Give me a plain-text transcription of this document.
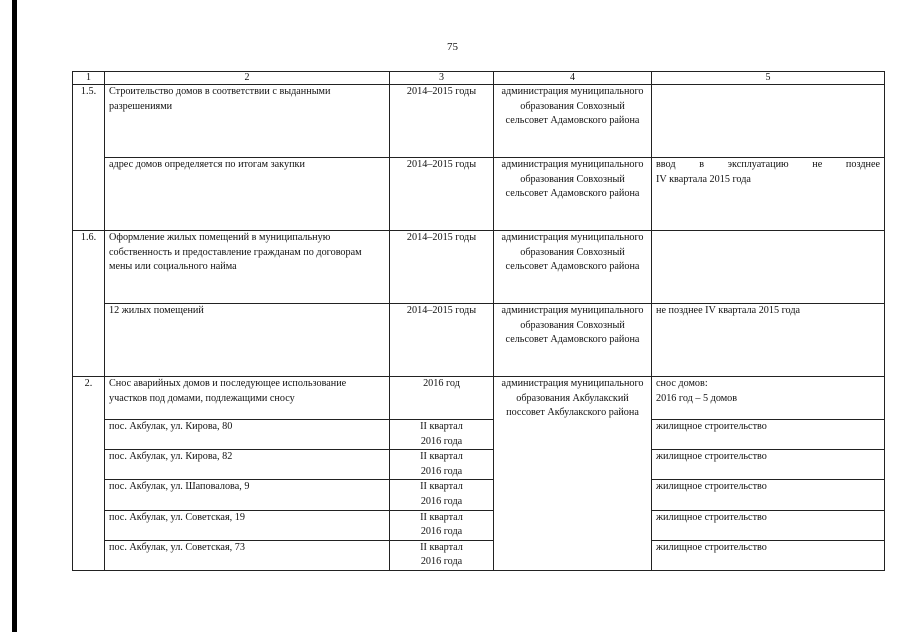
75
1	2	3	4	5
1.5.	Строительство домов в соответствии с выданными разрешениями	2014–2015 годы	администрация муниципального образования Совхозный сельсовет Адамовского района	
	адрес домов определяется по итогам закупки	2014–2015 годы	администрация муниципального образования Совхозный сельсовет Адамовского района	ввод в эксплуатацию не позднее
IV квартала 2015 года

1.6.	Оформление жилых помещений в муниципальную собственность и предоставление гражданам по договорам мены или социального найма	2014–2015 годы	администрация муниципального образования Совхозный сельсовет Адамовского района	
	12 жилых помещений	2014–2015 годы	администрация муниципального образования Совхозный сельсовет Адамовского района	не позднее IV квартала 2015 года
2.	Снос аварийных домов и последующее использование участков под домами, подлежащими сносу	2016 год	администрация муниципального образования Акбулакский поссовет Акбулакского района	снос домов:
2016 год – 5 домов

	пос. Акбулак, ул. Кирова, 80	II квартал
2016 года		жилищное строительство
	пос. Акбулак, ул. Кирова, 82	II квартал
2016 года		жилищное строительство
	пос. Акбулак, ул. Шаповалова, 9	II квартал
2016 года		жилищное строительство
	пос. Акбулак, ул. Советская, 19	II квартал
2016 года		жилищное строительство
	пос. Акбулак, ул. Советская, 73	II квартал
2016 года		жилищное строительство
